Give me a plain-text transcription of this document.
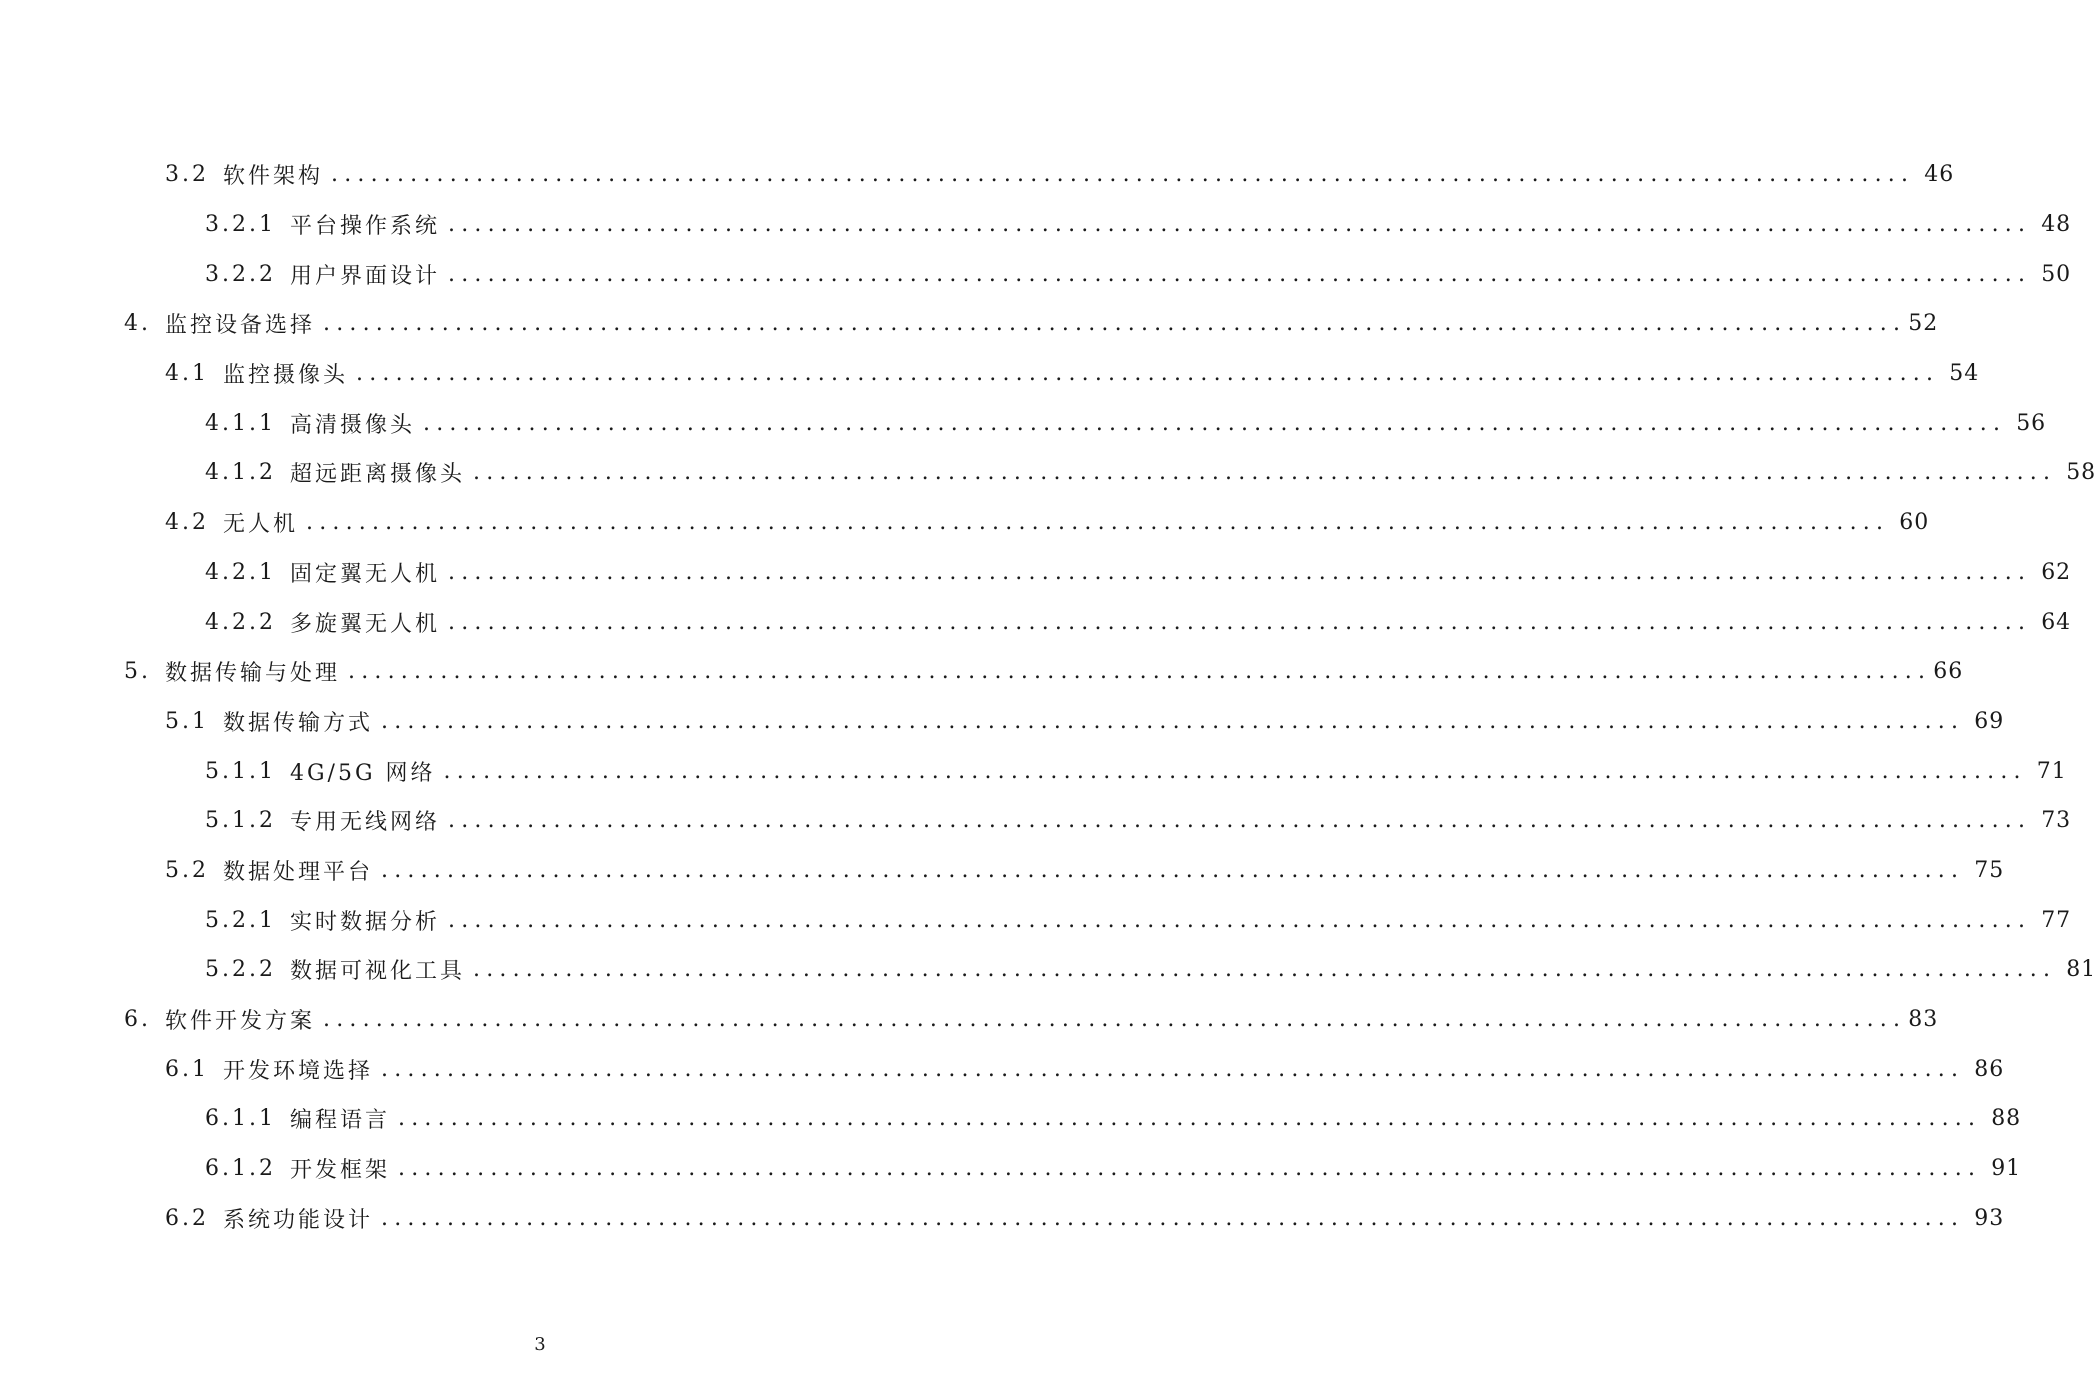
3.2 软件架构 ........................................................................................................................ 46
3.2.1 平台操作系统 ........................................................................................................................ 48
3.2.2 用户界面设计 ........................................................................................................................ 50
4. 监控设备选择 ........................................................................................................................ 52
4.1 监控摄像头 ........................................................................................................................ 54
4.1.1 高清摄像头 ........................................................................................................................ 56
4.1.2 超远距离摄像头 ........................................................................................................................ 58
4.2 无人机 ........................................................................................................................ 60
4.2.1 固定翼无人机 ........................................................................................................................ 62
4.2.2 多旋翼无人机 ........................................................................................................................ 64
5. 数据传输与处理 ........................................................................................................................ 66
5.1 数据传输方式 ........................................................................................................................ 69
5.1.1 4G/5G 网络 ........................................................................................................................ 71
5.1.2 专用无线网络 ........................................................................................................................ 73
5.2 数据处理平台 ........................................................................................................................ 75
5.2.1 实时数据分析 ........................................................................................................................ 77
5.2.2 数据可视化工具 ........................................................................................................................ 81
6. 软件开发方案 ........................................................................................................................ 83
6.1 开发环境选择 ........................................................................................................................ 86
6.1.1 编程语言 ........................................................................................................................ 88
6.1.2 开发框架 ........................................................................................................................ 91
6.2 系统功能设计 ........................................................................................................................ 93
3
